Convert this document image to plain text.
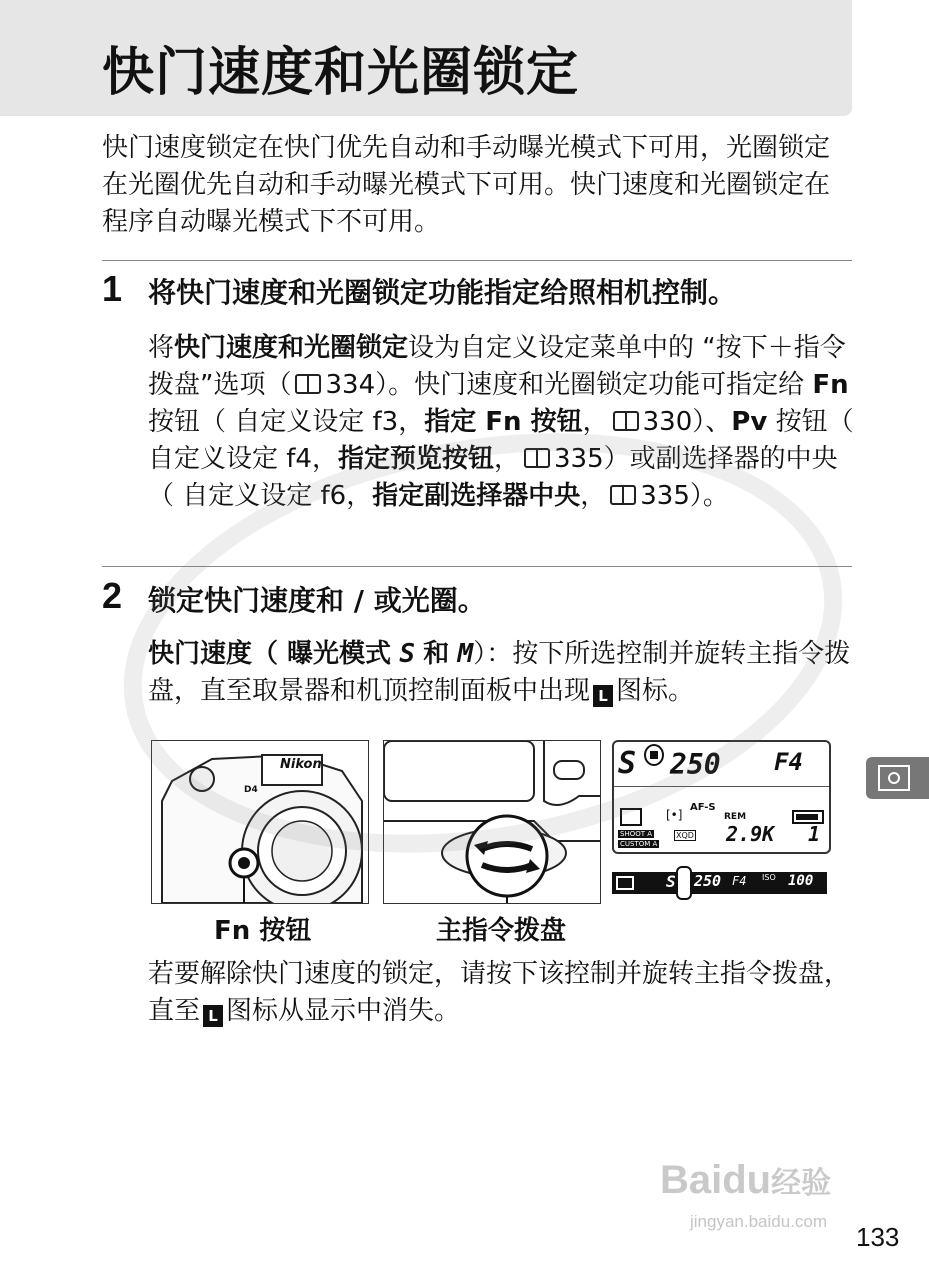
快门速度和光圈锁定

快门速度锁定在快门优先自动和手动曝光模式下可用，光圈锁定在光圈优先自动和手动曝光模式下可用。快门速度和光圈锁定在程序自动曝光模式下不可用。

1 将快门速度和光圈锁定功能指定给照相机控制。

将快门速度和光圈锁定设为自定义设定菜单中的 “按下＋指令拨盘”选项（ 334）。快门速度和光圈锁定功能可指定给 Fn 按钮（ 自定义设定 f3，指定 Fn 按钮， 330）、Pv 按钮（ 自定义设定 f4，指定预览按钮， 335）或副选择器的中央（ 自定义设定 f6，指定副选择器中央， 335）。

2 锁定快门速度和 / 或光圈。

快门速度（ 曝光模式 S 和 M）：按下所选控制并旋转主指令拨盘，直至取景器和机顶控制面板中出现 L 图标。

Nikon
D4
S 250 F4
[•]
AF-S
REM
2.9K 1
SHOOT A
CUSTOM A
XQD
S 250 F4 ISO 100
Fn 按钮	主指令拨盘

若要解除快门速度的锁定，请按下该控制并旋转主指令拨盘，直至 L 图标从显示中消失。

Baidu经验
jingyan.baidu.com
133
